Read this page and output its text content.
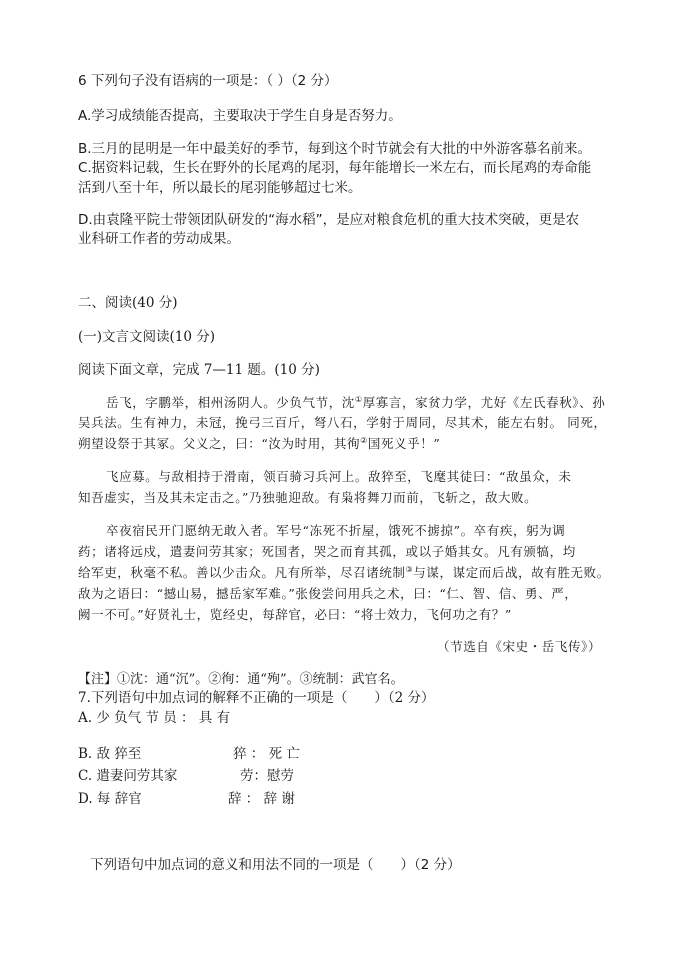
6 下列句子没有语病的一项是：（ ）（2 分）
A.学习成绩能否提高，主要取决于学生自身是否努力。
B.三月的昆明是一年中最美好的季节，每到这个时节就会有大批的中外游客慕名前来。
C.据资料记载，生长在野外的长尾鸡的尾羽，每年能增长一米左右，而长尾鸡的寿命能
活到八至十年，所以最长的尾羽能够超过七米。
D.由袁隆平院士带领团队研发的“海水稻”，是应对粮食危机的重大技术突破，更是农
业科研工作者的劳动成果。
二、阅读(40 分)
(一)文言文阅读(10 分)
阅读下面文章，完成 7—11 题。(10 分)
岳飞，字鹏举，相州汤阴人。少负气节，沈①厚寡言，家贫力学，尤好《左氏春秋》、孙
吴兵法。生有神力，未冠，挽弓三百斤，弩八石，学射于周同，尽其术，能左右射。 同死，
朔望设祭于其冢。父义之，曰：“汝为时用，其徇②国死义乎！”
飞应募。与敌相持于滑南，领百骑习兵河上。敌猝至，飞麾其徒曰：“敌虽众，未
知吾虚实，当及其未定击之。”乃独驰迎敌。有枭将舞刀而前，飞斩之，敌大败。
卒夜宿民开门愿纳无敢入者。军号“冻死不折屋，饿死不掳掠”。卒有疾，躬为调
药；诸将远戍，遣妻问劳其家；死国者，哭之而育其孤，或以子婚其女。凡有颁犒，均
给军吏，秋毫不私。善以少击众。凡有所举，尽召诸统制③与谋，谋定而后战，故有胜无败。
敌为之语曰：“撼山易，撼岳家军难。”张俊尝问用兵之术，曰：“仁、智、信、勇、严，
阙一不可。”好贤礼士，览经史，每辞官，必曰：“将士效力，飞何功之有？”
（节选自《宋史・岳飞传》）
【注】①沈：通“沉”。②徇：通“殉”。③统制：武官名。
7.下列语句中加点词的解释不正确的一项是（　　）（2 分）
A. 少 负气 节 员 ： 具 有
B. 敌 猝至	猝 ： 死 亡
C. 遣妻问劳其家	劳：慰劳
D. 每 辞官	辞 ： 辞 谢
下列语句中加点词的意义和用法不同的一项是（　　）（2 分）
